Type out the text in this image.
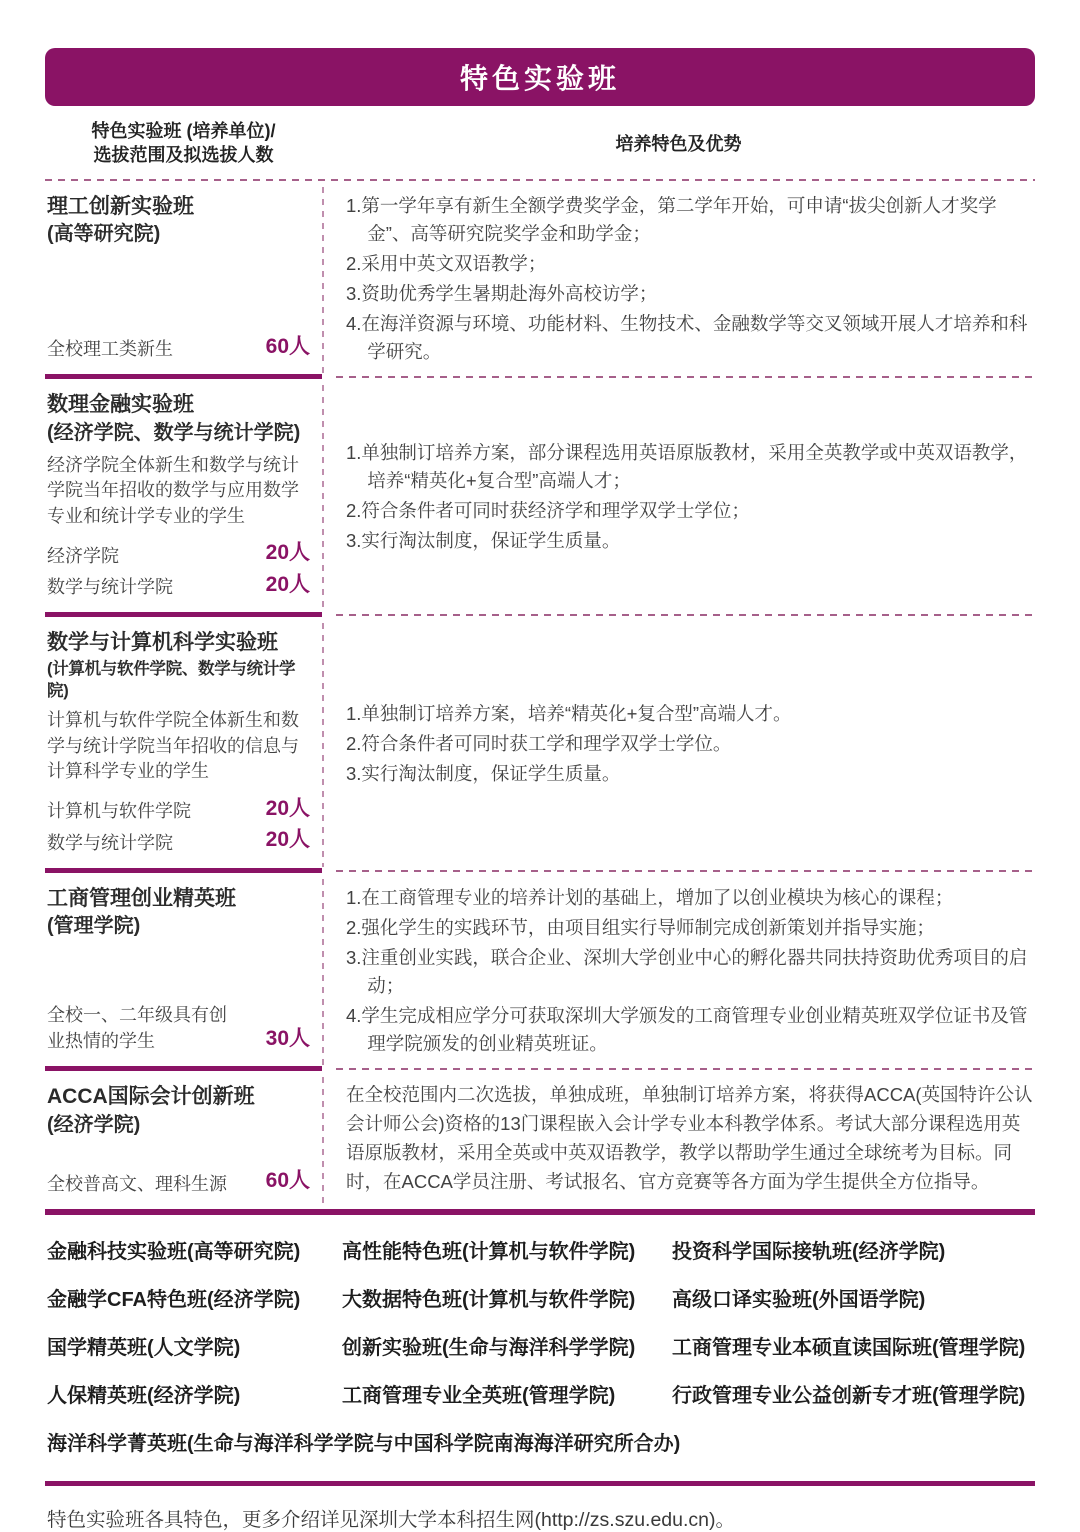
特色实验班
特色实验班 (培养单位)/
选拔范围及拟选拔人数
培养特色及优势
理工创新实验班
(高等研究院)
全校理工类新生	60人
1.第一学年享有新生全额学费奖学金，第二学年开始，可申请“拔尖创新人才奖学金”、高等研究院奖学金和助学金；
2.采用中英文双语教学；
3.资助优秀学生暑期赴海外高校访学；
4.在海洋资源与环境、功能材料、生物技术、金融数学等交叉领域开展人才培养和科学研究。
数理金融实验班
(经济学院、数学与统计学院)
经济学院全体新生和数学与统计学院当年招收的数学与应用数学专业和统计学专业的学生
经济学院	20人
数学与统计学院	20人
1.单独制订培养方案，部分课程选用英语原版教材，采用全英教学或中英双语教学，培养“精英化+复合型”高端人才；
2.符合条件者可同时获经济学和理学双学士学位；
3.实行淘汰制度，保证学生质量。
数学与计算机科学实验班
(计算机与软件学院、数学与统计学院)
计算机与软件学院全体新生和数学与统计学院当年招收的信息与计算科学专业的学生
计算机与软件学院	20人
数学与统计学院	20人
1.单独制订培养方案，培养“精英化+复合型”高端人才。
2.符合条件者可同时获工学和理学双学士学位。
3.实行淘汰制度，保证学生质量。
工商管理创业精英班
(管理学院)
全校一、二年级具有创业热情的学生	30人
1.在工商管理专业的培养计划的基础上，增加了以创业模块为核心的课程；
2.强化学生的实践环节，由项目组实行导师制完成创新策划并指导实施；
3.注重创业实践，联合企业、深圳大学创业中心的孵化器共同扶持资助优秀项目的启动；
4.学生完成相应学分可获取深圳大学颁发的工商管理专业创业精英班双学位证书及管理学院颁发的创业精英班证。
ACCA国际会计创新班
(经济学院)
全校普高文、理科生源 60人
在全校范围内二次选拔，单独成班，单独制订培养方案，将获得ACCA(英国特许公认会计师公会)资格的13门课程嵌入会计学专业本科教学体系。考试大部分课程选用英语原版教材，采用全英或中英双语教学，教学以帮助学生通过全球统考为目标。同时，在ACCA学员注册、考试报名、官方竞赛等各方面为学生提供全方位指导。
金融科技实验班(高等研究院)	高性能特色班(计算机与软件学院)	投资科学国际接轨班(经济学院)
金融学CFA特色班(经济学院)	大数据特色班(计算机与软件学院)	高级口译实验班(外国语学院)
国学精英班(人文学院)	创新实验班(生命与海洋科学学院)	工商管理专业本硕直读国际班(管理学院)
人保精英班(经济学院)	工商管理专业全英班(管理学院)	行政管理专业公益创新专才班(管理学院)
海洋科学菁英班(生命与海洋科学学院与中国科学院南海海洋研究所合办)
特色实验班各具特色，更多介绍详见深圳大学本科招生网(http://zs.szu.edu.cn)。
